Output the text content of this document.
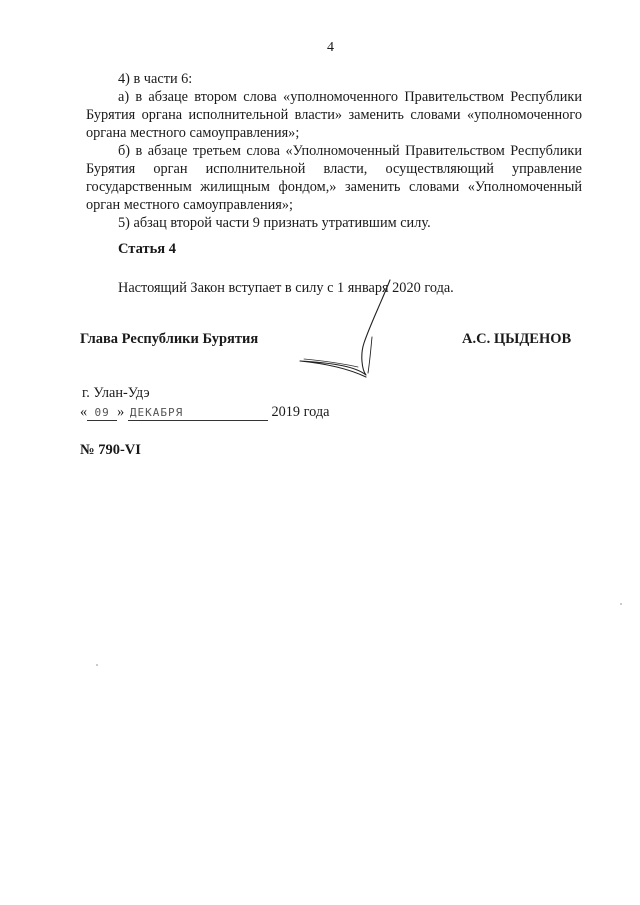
4

4) в части 6:

а) в абзаце втором слова «уполномоченного Правительством Республики Бурятия органа исполнительной власти» заменить словами «уполномоченного органа местного самоуправления»;

б) в абзаце третьем слова «Уполномоченный Правительством Республики Бурятия орган исполнительной власти, осуществляющий управление государственным жилищным фондом,» заменить словами «Уполномоченный орган местного самоуправления»;

5) абзац второй части 9 признать утратившим силу.

Статья 4
Настоящий Закон вступает в силу с 1 января 2020 года.
Глава Республики Бурятия	А.С. ЦЫДЕНОВ
г. Улан-Удэ
« 09 » ДЕКАБРЯ	2019 года
№ 790-VI
